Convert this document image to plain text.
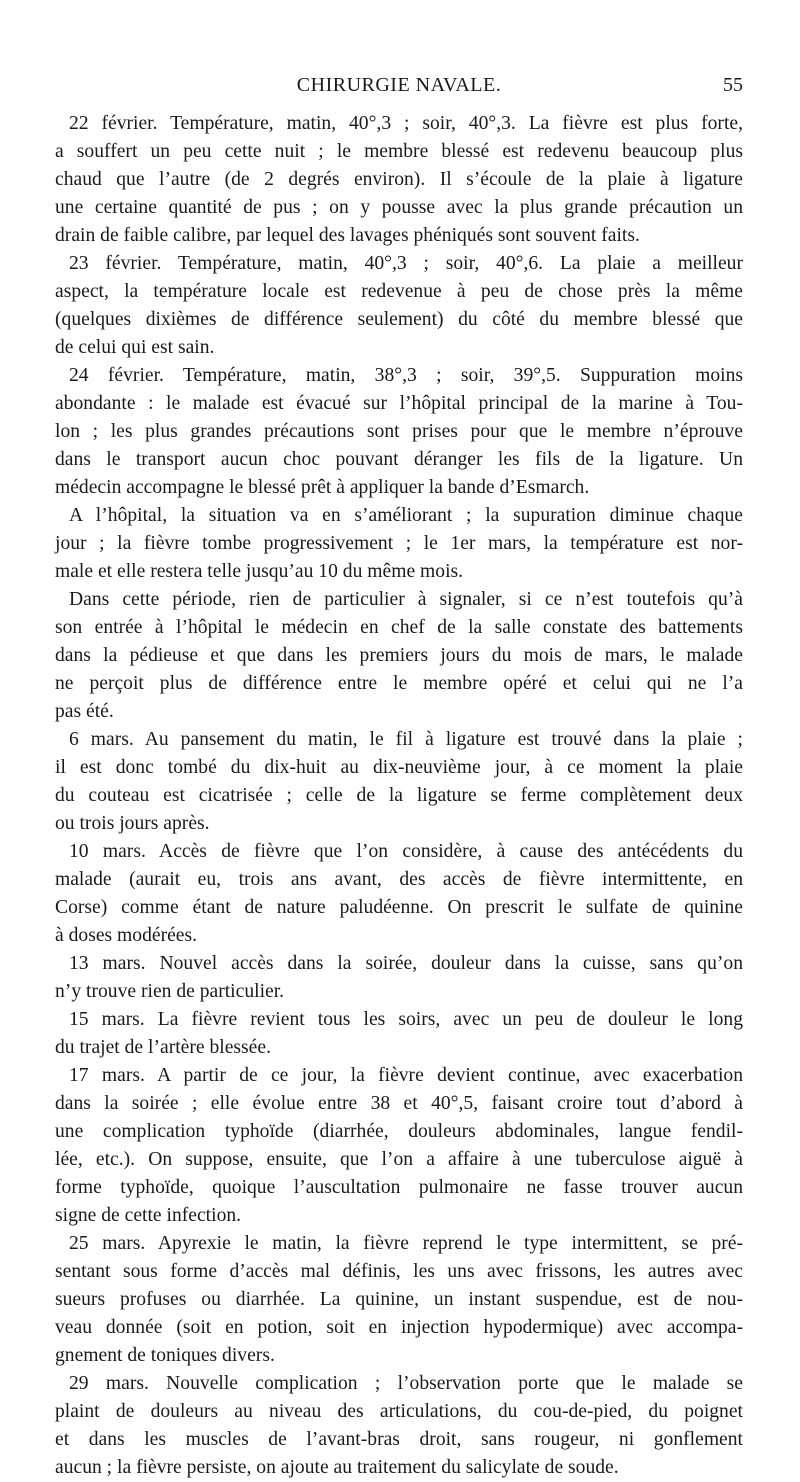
CHIRURGIE NAVALE.	55
22 février. Température, matin, 40°,3 ; soir, 40°,3. La fièvre est plus forte,
a souffert un peu cette nuit ; le membre blessé est redevenu beaucoup plus
chaud que l’autre (de 2 degrés environ). Il s’écoule de la plaie à ligature
une certaine quantité de pus ; on y pousse avec la plus grande précaution un
drain de faible calibre, par lequel des lavages phéniqués sont souvent faits.
23 février. Température, matin, 40°,3 ; soir, 40°,6. La plaie a meilleur
aspect, la température locale est redevenue à peu de chose près la même
(quelques dixièmes de différence seulement) du côté du membre blessé que
de celui qui est sain.
24 février. Température, matin, 38°,3 ; soir, 39°,5. Suppuration moins
abondante : le malade est évacué sur l’hôpital principal de la marine à Tou-
lon ; les plus grandes précautions sont prises pour que le membre n’éprouve
dans le transport aucun choc pouvant déranger les fils de la ligature. Un
médecin accompagne le blessé prêt à appliquer la bande d’Esmarch.
A l’hôpital, la situation va en s’améliorant ; la supuration diminue chaque
jour ; la fièvre tombe progressivement ; le 1er mars, la température est nor-
male et elle restera telle jusqu’au 10 du même mois.
Dans cette période, rien de particulier à signaler, si ce n’est toutefois qu’à
son entrée à l’hôpital le médecin en chef de la salle constate des battements
dans la pédieuse et que dans les premiers jours du mois de mars, le malade
ne perçoit plus de différence entre le membre opéré et celui qui ne l’a
pas été.
6 mars. Au pansement du matin, le fil à ligature est trouvé dans la plaie ;
il est donc tombé du dix-huit au dix-neuvième jour, à ce moment la plaie
du couteau est cicatrisée ; celle de la ligature se ferme complètement deux
ou trois jours après.
10 mars. Accès de fièvre que l’on considère, à cause des antécédents du
malade (aurait eu, trois ans avant, des accès de fièvre intermittente, en
Corse) comme étant de nature paludéenne. On prescrit le sulfate de quinine
à doses modérées.
13 mars. Nouvel accès dans la soirée, douleur dans la cuisse, sans qu’on
n’y trouve rien de particulier.
15 mars. La fièvre revient tous les soirs, avec un peu de douleur le long
du trajet de l’artère blessée.
17 mars. A partir de ce jour, la fièvre devient continue, avec exacerbation
dans la soirée ; elle évolue entre 38 et 40°,5, faisant croire tout d’abord à
une complication typhoïde (diarrhée, douleurs abdominales, langue fendil-
lée, etc.). On suppose, ensuite, que l’on a affaire à une tuberculose aiguë à
forme typhoïde, quoique l’auscultation pulmonaire ne fasse trouver aucun
signe de cette infection.
25 mars. Apyrexie le matin, la fièvre reprend le type intermittent, se pré-
sentant sous forme d’accès mal définis, les uns avec frissons, les autres avec
sueurs profuses ou diarrhée. La quinine, un instant suspendue, est de nou-
veau donnée (soit en potion, soit en injection hypodermique) avec accompa-
gnement de toniques divers.
29 mars. Nouvelle complication ; l’observation porte que le malade se
plaint de douleurs au niveau des articulations, du cou-de-pied, du poignet
et dans les muscles de l’avant-bras droit, sans rougeur, ni gonflement
aucun ; la fièvre persiste, on ajoute au traitement du salicylate de soude.
